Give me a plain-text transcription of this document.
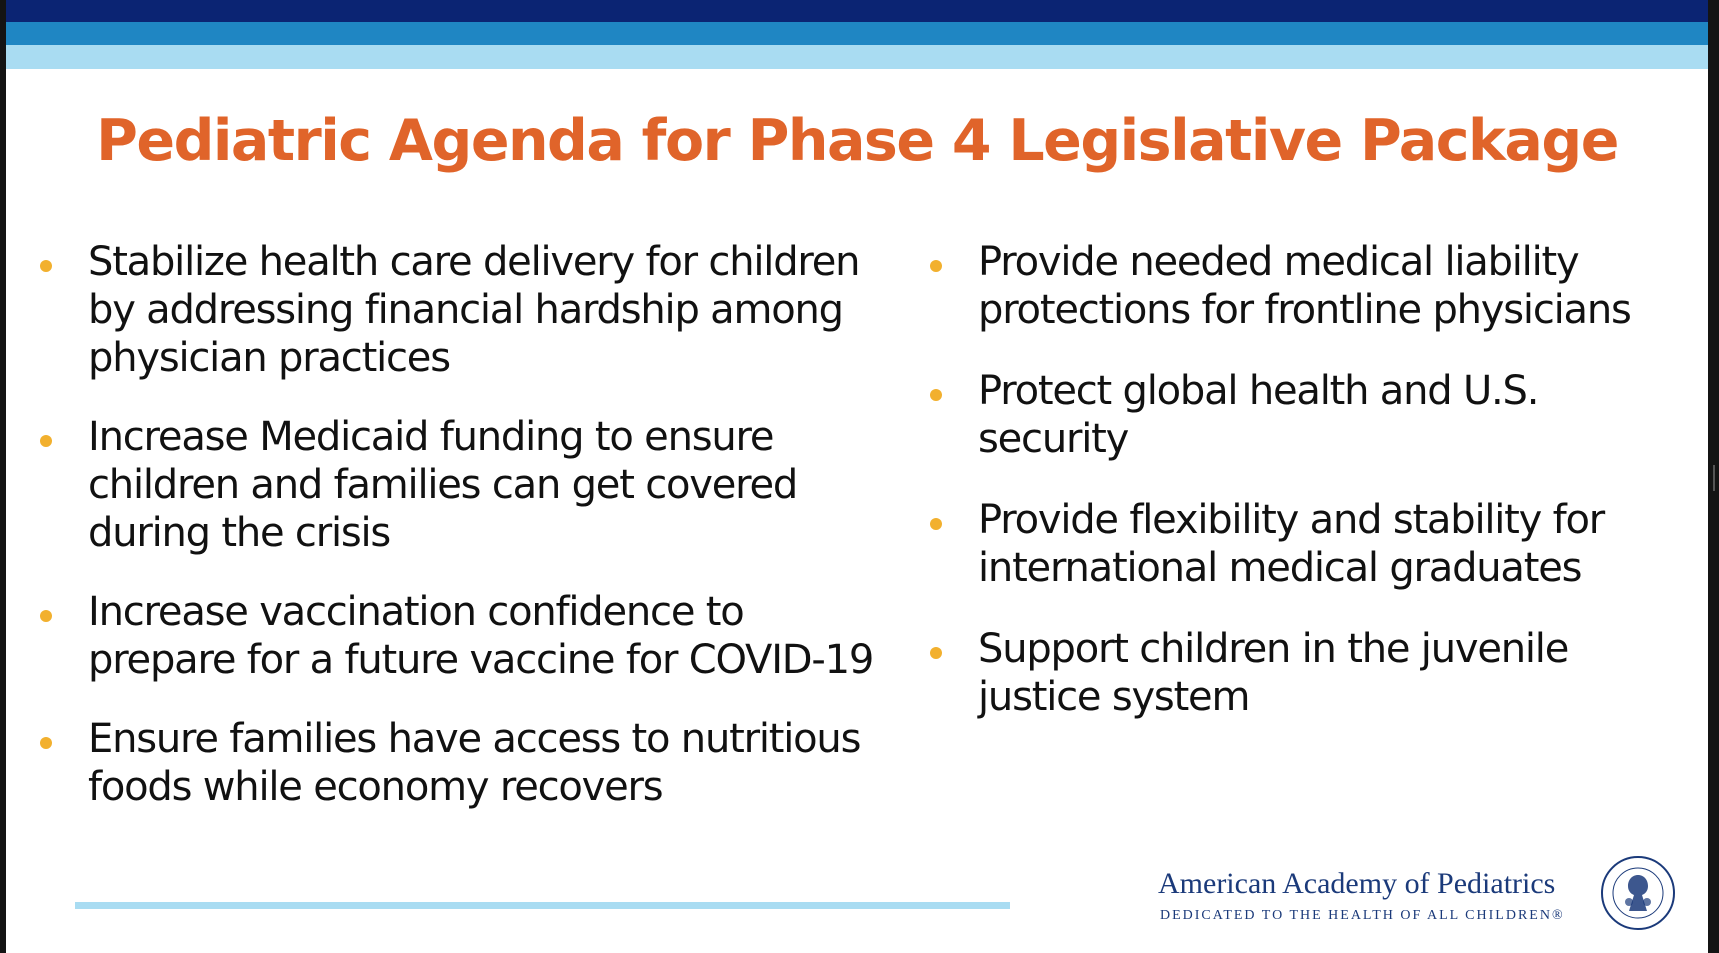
Pediatric Agenda for Phase 4 Legislative Package
Stabilize health care delivery for children by addressing financial hardship among physician practices
Increase Medicaid funding to ensure children and families can get covered during the crisis
Increase vaccination confidence to prepare for a future vaccine for COVID-19
Ensure families have access to nutritious foods while economy recovers
Provide needed medical liability protections for frontline physicians
Protect global health and U.S. security
Provide flexibility and stability for international medical graduates
Support children in the juvenile justice system
American Academy of Pediatrics
DEDICATED TO THE HEALTH OF ALL CHILDREN®
